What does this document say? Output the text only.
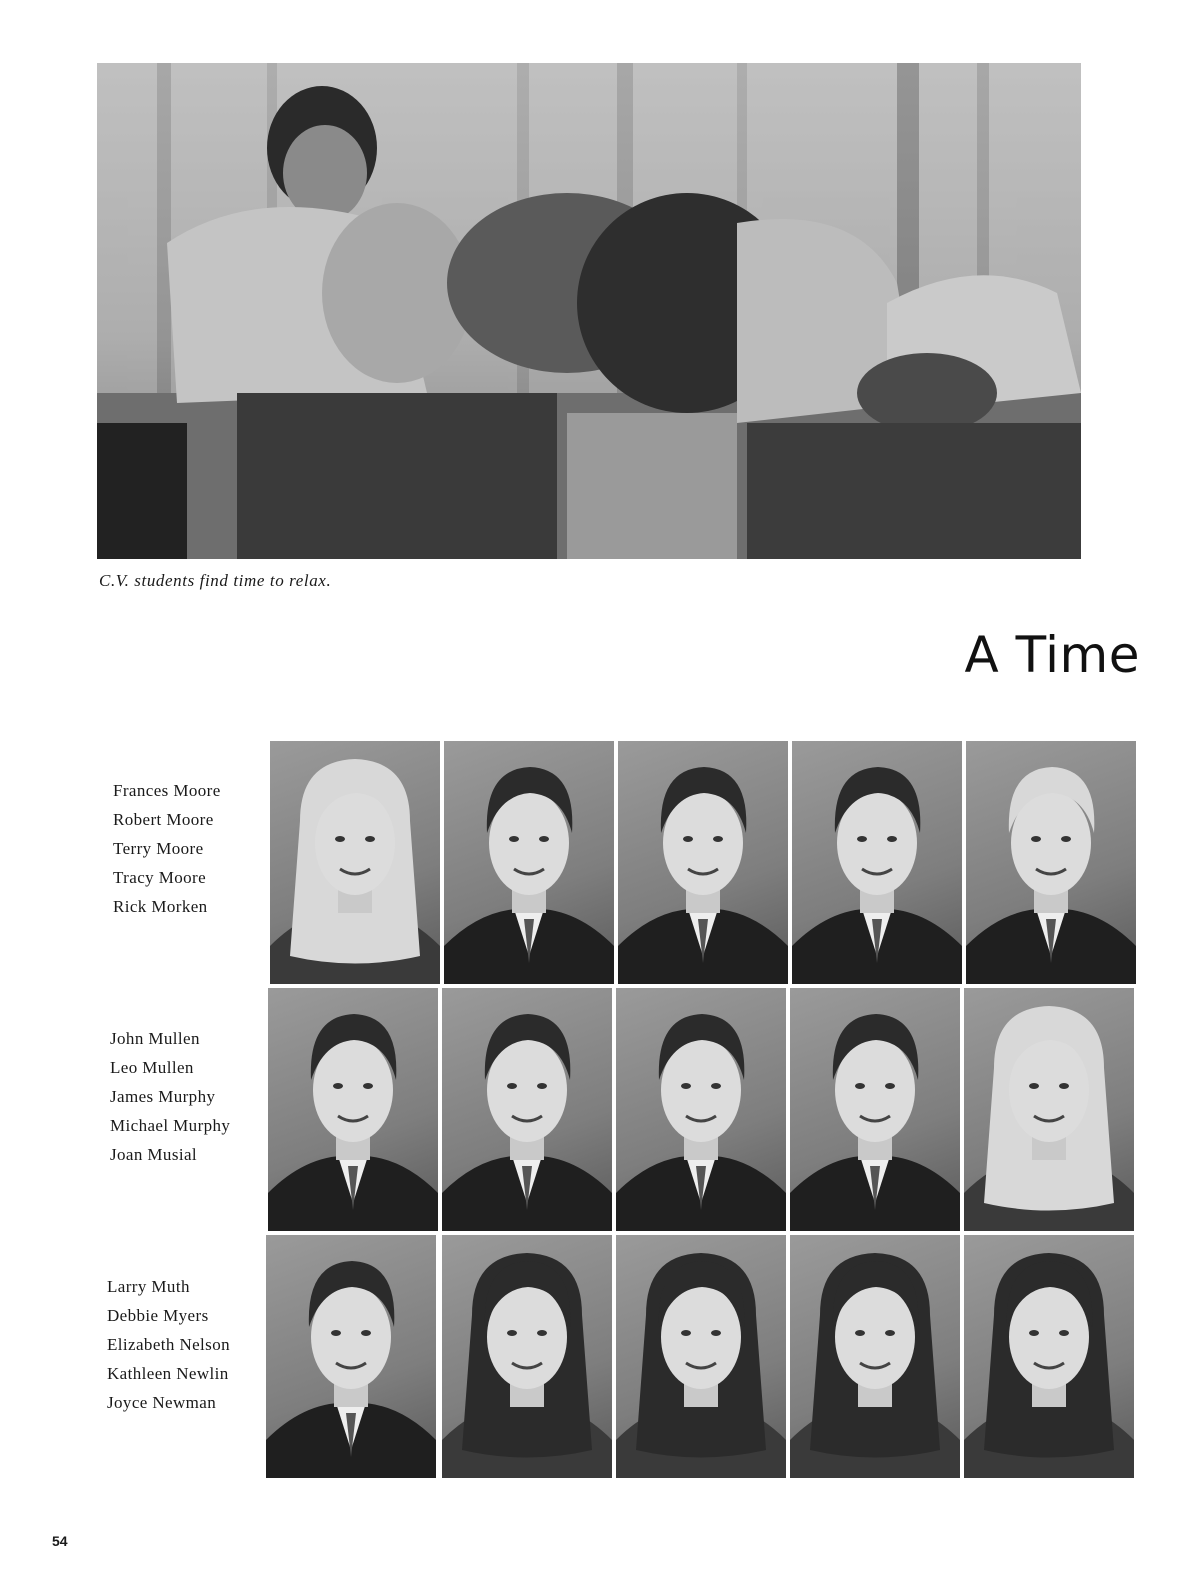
C.V. students find time to relax.
A Time
Frances Moore
Robert Moore
Terry Moore
Tracy Moore
Rick Morken
John Mullen
Leo Mullen
James Murphy
Michael Murphy
Joan Musial
Larry Muth
Debbie Myers
Elizabeth Nelson
Kathleen Newlin
Joyce Newman
54
